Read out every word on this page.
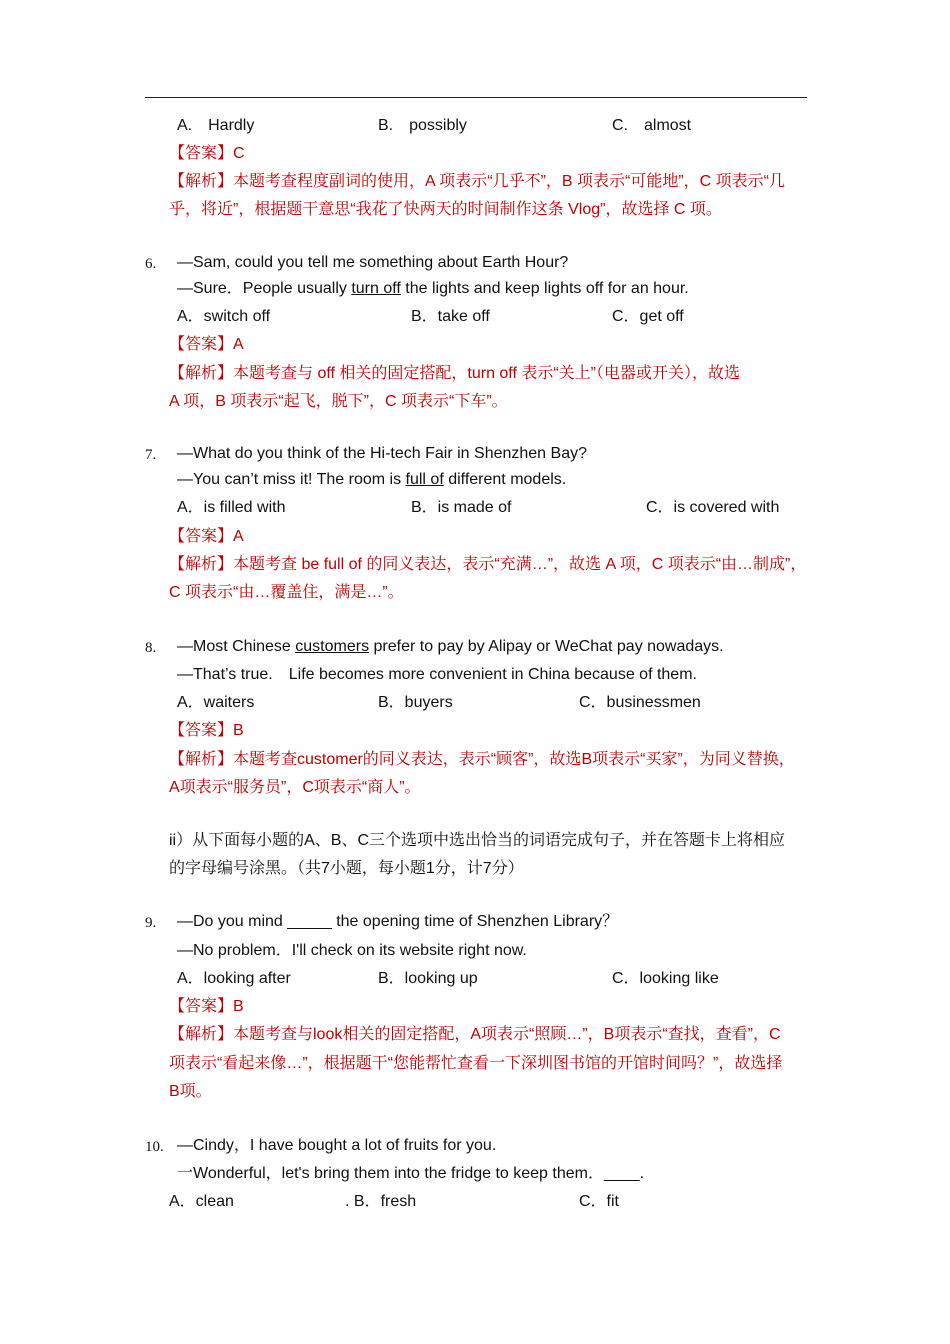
A.　Hardly	B.　possibly	C.　almost
【答案】C
【解析】本题考查程度副词的使用，A 项表示“几乎不”，B 项表示“可能地”，C 项表示“几
乎，将近”，根据题干意思“我花了快两天的时间制作这条 Vlog”，故选择 C 项。
6. —Sam, could you tell me something about Earth Hour?
—Sure．People usually turn off the lights and keep lights off for an hour.
A．switch off	B．take off	C．get off
【答案】A
【解析】本题考查与 off 相关的固定搭配，turn off 表示“关上”（电器或开关），故选
A 项，B 项表示“起飞，脱下”，C 项表示“下车”。
7. —What do you think of the Hi-tech Fair in Shenzhen Bay?
—You can’t miss it! The room is full of different models.
A．is filled with	B．is made of	C．is covered with
【答案】A
【解析】本题考查 be full of 的同义表达，表示“充满…”，故选 A 项，C 项表示“由…制成”，
C 项表示“由…覆盖住，满是…”。
8. —Most Chinese customers prefer to pay by Alipay or WeChat pay nowadays.
—That’s true.　Life becomes more convenient in China because of them.
A．waiters	B．buyers	C．businessmen
【答案】B
【解析】本题考查customer的同义表达，表示“顾客”，故选B项表示“买家”，为同义替换，
A项表示“服务员”，C项表示“商人”。
ii）从下面每小题的A、B、C三个选项中选出恰当的词语完成句子，并在答题卡上将相应
的字母编号涂黑。（共7小题，每小题1分，计7分）
9. —Do you mind _____ the opening time of Shenzhen Library？
—No problem．I'll check on its website right now.
A．looking after	B．looking up	C．looking like
【答案】B
【解析】本题考查与look相关的固定搭配，A项表示“照顾…”，B项表示“查找，查看”，C
项表示“看起来像…”，根据题干“您能帮忙查看一下深圳图书馆的开馆时间吗？”，故选择
B项。
10. —Cindy，I have bought a lot of fruits for you.
一Wonderful，let's bring them into the fridge to keep them．____.
A．clean	. B．fresh	C．fit
